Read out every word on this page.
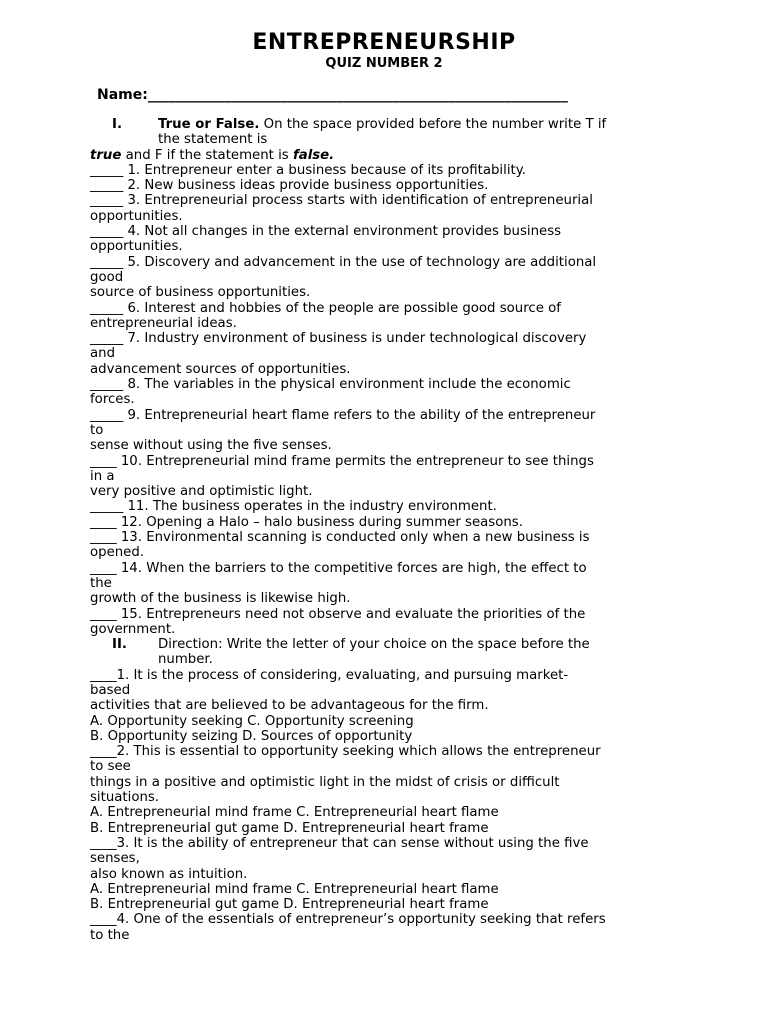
ENTREPRENEURSHIP
QUIZ NUMBER 2
Name:____________________________________________________________
I.	True or False. On the space provided before the number write T if
the statement is
true and F if the statement is false.
_____ 1. Entrepreneur enter a business because of its profitability.
_____ 2. New business ideas provide business opportunities.
_____ 3. Entrepreneurial process starts with identification of entrepreneurial
opportunities.
_____ 4. Not all changes in the external environment provides business
opportunities.
_____ 5. Discovery and advancement in the use of technology are additional
good
source of business opportunities.
_____ 6. Interest and hobbies of the people are possible good source of
entrepreneurial ideas.
_____ 7. Industry environment of business is under technological discovery
and
advancement sources of opportunities.
_____ 8. The variables in the physical environment include the economic
forces.
_____ 9. Entrepreneurial heart flame refers to the ability of the entrepreneur
to
sense without using the five senses.
____ 10. Entrepreneurial mind frame permits the entrepreneur to see things
in a
very positive and optimistic light.
_____ 11. The business operates in the industry environment.
____ 12. Opening a Halo – halo business during summer seasons.
____ 13. Environmental scanning is conducted only when a new business is
opened.
____ 14. When the barriers to the competitive forces are high, the effect to
the
growth of the business is likewise high.
____ 15. Entrepreneurs need not observe and evaluate the priorities of the
government.
II.	Direction: Write the letter of your choice on the space before the
number.
____1. It is the process of considering, evaluating, and pursuing market-
based
activities that are believed to be advantageous for the firm.
A. Opportunity seeking C. Opportunity screening
B. Opportunity seizing D. Sources of opportunity
____2. This is essential to opportunity seeking which allows the entrepreneur
to see
things in a positive and optimistic light in the midst of crisis or difficult
situations.
A. Entrepreneurial mind frame C. Entrepreneurial heart flame
B. Entrepreneurial gut game D. Entrepreneurial heart frame
____3. It is the ability of entrepreneur that can sense without using the five
senses,
also known as intuition.
A. Entrepreneurial mind frame C. Entrepreneurial heart flame
B. Entrepreneurial gut game D. Entrepreneurial heart frame
____4. One of the essentials of entrepreneur’s opportunity seeking that refers
to the
